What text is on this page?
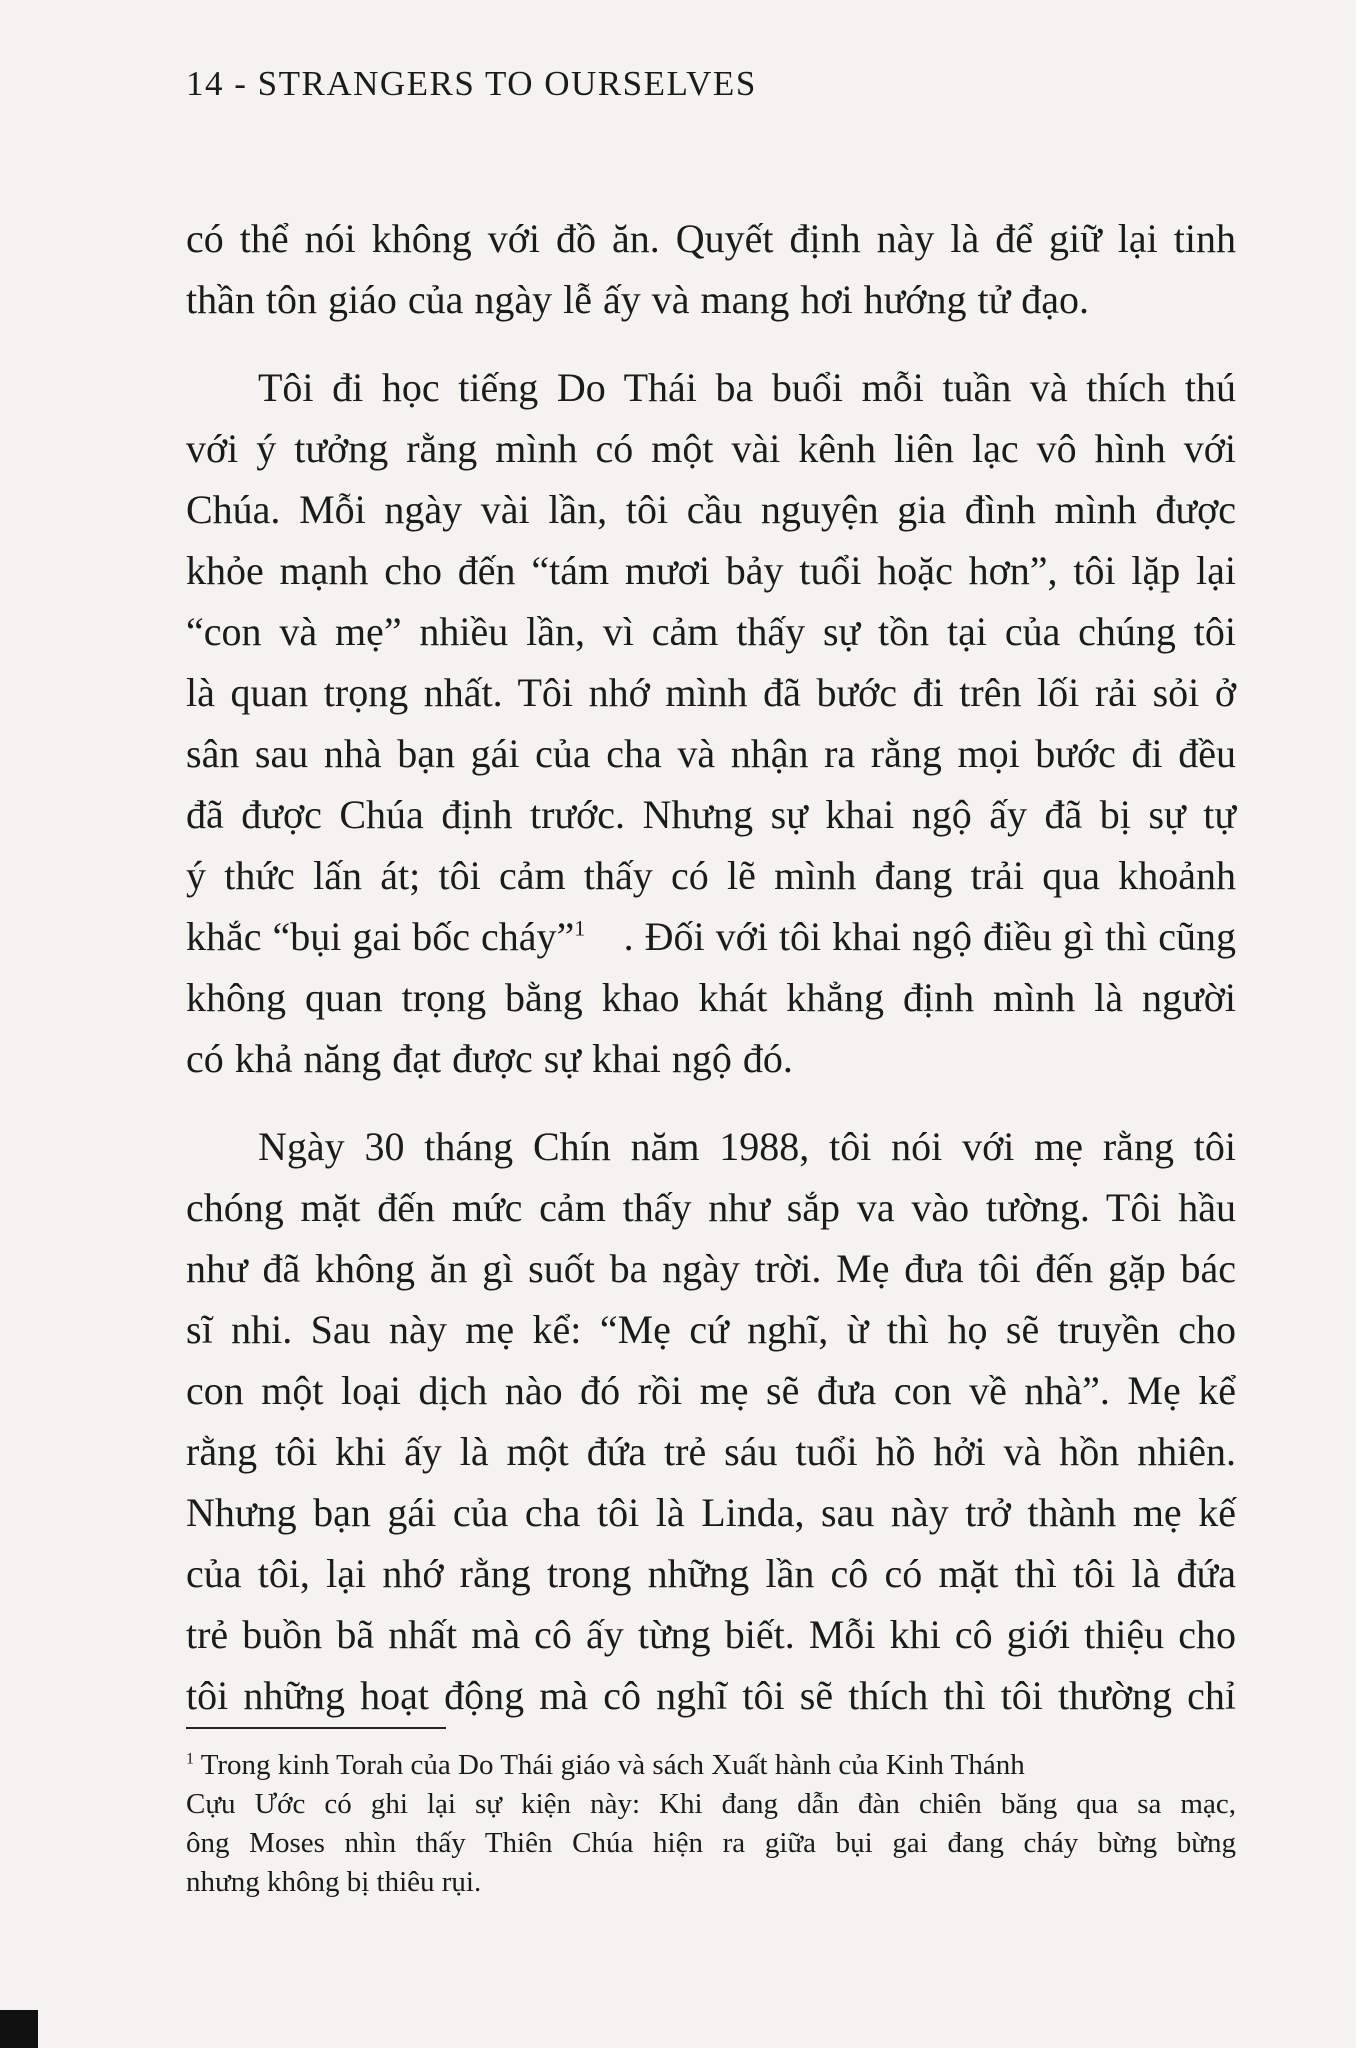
14 - STRANGERS TO OURSELVES
có thể nói không với đồ ăn. Quyết định này là để giữ lại tinh
thần tôn giáo của ngày lễ ấy và mang hơi hướng tử đạo.
Tôi đi học tiếng Do Thái ba buổi mỗi tuần và thích thú
với ý tưởng rằng mình có một vài kênh liên lạc vô hình với
Chúa. Mỗi ngày vài lần, tôi cầu nguyện gia đình mình được
khỏe mạnh cho đến “tám mươi bảy tuổi hoặc hơn”, tôi lặp lại
“con và mẹ” nhiều lần, vì cảm thấy sự tồn tại của chúng tôi
là quan trọng nhất. Tôi nhớ mình đã bước đi trên lối rải sỏi ở
sân sau nhà bạn gái của cha và nhận ra rằng mọi bước đi đều
đã được Chúa định trước. Nhưng sự khai ngộ ấy đã bị sự tự
ý thức lấn át; tôi cảm thấy có lẽ mình đang trải qua khoảnh
khắc “bụi gai bốc cháy”$^1$ . Đối với tôi khai ngộ điều gì thì cũng
không quan trọng bằng khao khát khẳng định mình là người
có khả năng đạt được sự khai ngộ đó.
Ngày 30 tháng Chín năm 1988, tôi nói với mẹ rằng tôi
chóng mặt đến mức cảm thấy như sắp va vào tường. Tôi hầu
như đã không ăn gì suốt ba ngày trời. Mẹ đưa tôi đến gặp bác
sĩ nhi. Sau này mẹ kể: “Mẹ cứ nghĩ, ừ thì họ sẽ truyền cho
con một loại dịch nào đó rồi mẹ sẽ đưa con về nhà”. Mẹ kể
rằng tôi khi ấy là một đứa trẻ sáu tuổi hồ hởi và hồn nhiên.
Nhưng bạn gái của cha tôi là Linda, sau này trở thành mẹ kế
của tôi, lại nhớ rằng trong những lần cô có mặt thì tôi là đứa
trẻ buồn bã nhất mà cô ấy từng biết. Mỗi khi cô giới thiệu cho
tôi những hoạt động mà cô nghĩ tôi sẽ thích thì tôi thường chỉ
$^1$ Trong kinh Torah của Do Thái giáo và sách Xuất hành của Kinh Thánh
Cựu Ước có ghi lại sự kiện này: Khi đang dẫn đàn chiên băng qua sa mạc,
ông Moses nhìn thấy Thiên Chúa hiện ra giữa bụi gai đang cháy bừng bừng
nhưng không bị thiêu rụi.
